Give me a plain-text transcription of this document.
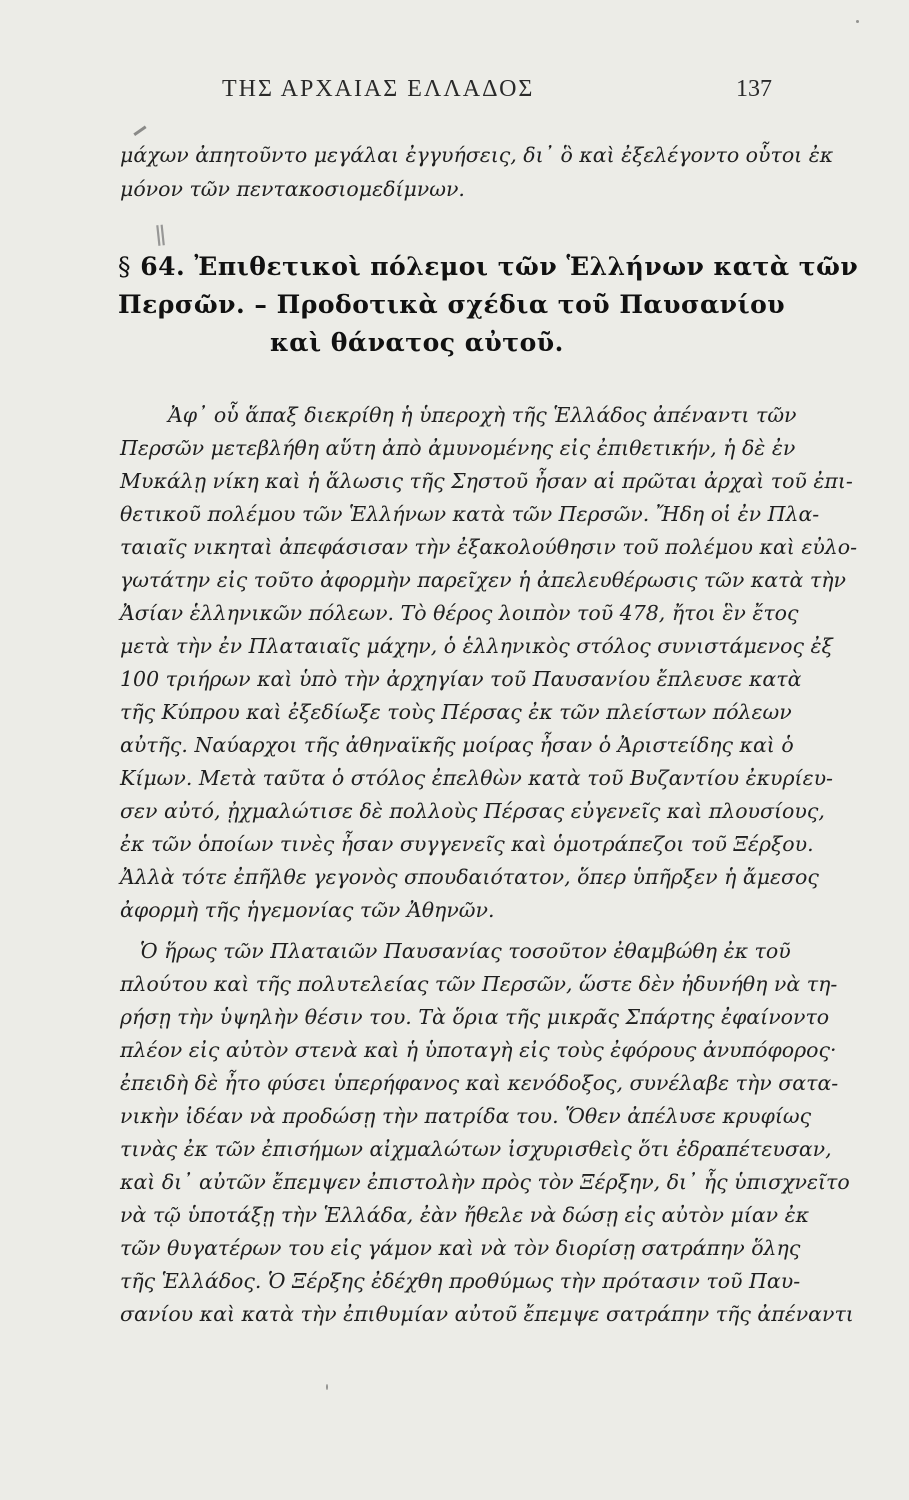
ΤΗΣ ΑΡΧΑΙΑΣ ΕΛΛΑΔΟΣ	137
ǁ

μάχων ἀπητοῦντο μεγάλαι ἐγγυήσεις, δι᾽ ὃ καὶ ἐξελέγοντο οὗτοι ἐκ

μόνον τῶν πεντακοσιομεδίμνων.

§ 64. Ἐπιθετικοὶ πόλεμοι τῶν Ἑλλήνων κατὰ τῶν
Περσῶν. – Προδοτικὰ σχέδια τοῦ Παυσανίου
καὶ θάνατος αὐτοῦ.

Ἀφ᾽ οὗ ἅπαξ διεκρίθη ἡ ὑπεροχὴ τῆς Ἑλλάδος ἀπέναντι τῶν

Περσῶν μετεβλήθη αὕτη ἀπὸ ἀμυνομένης εἰς ἐπιθετικήν, ἡ δὲ ἐν

Μυκάλῃ νίκη καὶ ἡ ἅλωσις τῆς Σηστοῦ ἦσαν αἱ πρῶται ἀρχαὶ τοῦ ἐπι-

θετικοῦ πολέμου τῶν Ἑλλήνων κατὰ τῶν Περσῶν. Ἤδη οἱ ἐν Πλα-

ταιαῖς νικηταὶ ἀπεφάσισαν τὴν ἐξακολούθησιν τοῦ πολέμου καὶ εὐλο-

γωτάτην εἰς τοῦτο ἀφορμὴν παρεῖχεν ἡ ἀπελευθέρωσις τῶν κατὰ τὴν

Ἀσίαν ἑλληνικῶν πόλεων. Τὸ θέρος λοιπὸν τοῦ 478, ἤτοι ἓν ἔτος

μετὰ τὴν ἐν Πλαταιαῖς μάχην, ὁ ἑλληνικὸς στόλος συνιστάμενος ἐξ

100 τριήρων καὶ ὑπὸ τὴν ἀρχηγίαν τοῦ Παυσανίου ἔπλευσε κατὰ

τῆς Κύπρου καὶ ἐξεδίωξε τοὺς Πέρσας ἐκ τῶν πλείστων πόλεων

αὐτῆς. Ναύαρχοι τῆς ἀθηναϊκῆς μοίρας ἦσαν ὁ Ἀριστείδης καὶ ὁ

Κίμων. Μετὰ ταῦτα ὁ στόλος ἐπελθὼν κατὰ τοῦ Βυζαντίου ἐκυρίευ-

σεν αὐτό, ᾐχμαλώτισε δὲ πολλοὺς Πέρσας εὐγενεῖς καὶ πλουσίους,

ἐκ τῶν ὁποίων τινὲς ἦσαν συγγενεῖς καὶ ὁμοτράπεζοι τοῦ Ξέρξου.

Ἀλλὰ τότε ἐπῆλθε γεγονὸς σπουδαιότατον, ὅπερ ὑπῆρξεν ἡ ἄμεσος

ἀφορμὴ τῆς ἡγεμονίας τῶν Ἀθηνῶν.

Ὁ ἥρως τῶν Πλαταιῶν Παυσανίας τοσοῦτον ἐθαμβώθη ἐκ τοῦ

πλούτου καὶ τῆς πολυτελείας τῶν Περσῶν, ὥστε δὲν ἠδυνήθη νὰ τη-

ρήσῃ τὴν ὑψηλὴν θέσιν του. Τὰ ὅρια τῆς μικρᾶς Σπάρτης ἐφαίνοντο

πλέον εἰς αὐτὸν στενὰ καὶ ἡ ὑποταγὴ εἰς τοὺς ἐφόρους ἀνυπόφορος·

ἐπειδὴ δὲ ἦτο φύσει ὑπερήφανος καὶ κενόδοξος, συνέλαβε τὴν σατα-

νικὴν ἰδέαν νὰ προδώσῃ τὴν πατρίδα του. Ὅθεν ἀπέλυσε κρυφίως

τινὰς ἐκ τῶν ἐπισήμων αἰχμαλώτων ἰσχυρισθεὶς ὅτι ἐδραπέτευσαν,

καὶ δι᾽ αὐτῶν ἔπεμψεν ἐπιστολὴν πρὸς τὸν Ξέρξην, δι᾽ ἧς ὑπισχνεῖτο

νὰ τῷ ὑποτάξῃ τὴν Ἑλλάδα, ἐὰν ἤθελε νὰ δώσῃ εἰς αὐτὸν μίαν ἐκ

τῶν θυγατέρων του εἰς γάμον καὶ νὰ τὸν διορίσῃ σατράπην ὅλης

τῆς Ἑλλάδος. Ὁ Ξέρξης ἐδέχθη προθύμως τὴν πρότασιν τοῦ Παυ-

σανίου καὶ κατὰ τὴν ἐπιθυμίαν αὐτοῦ ἔπεμψε σατράπην τῆς ἀπέναντι
